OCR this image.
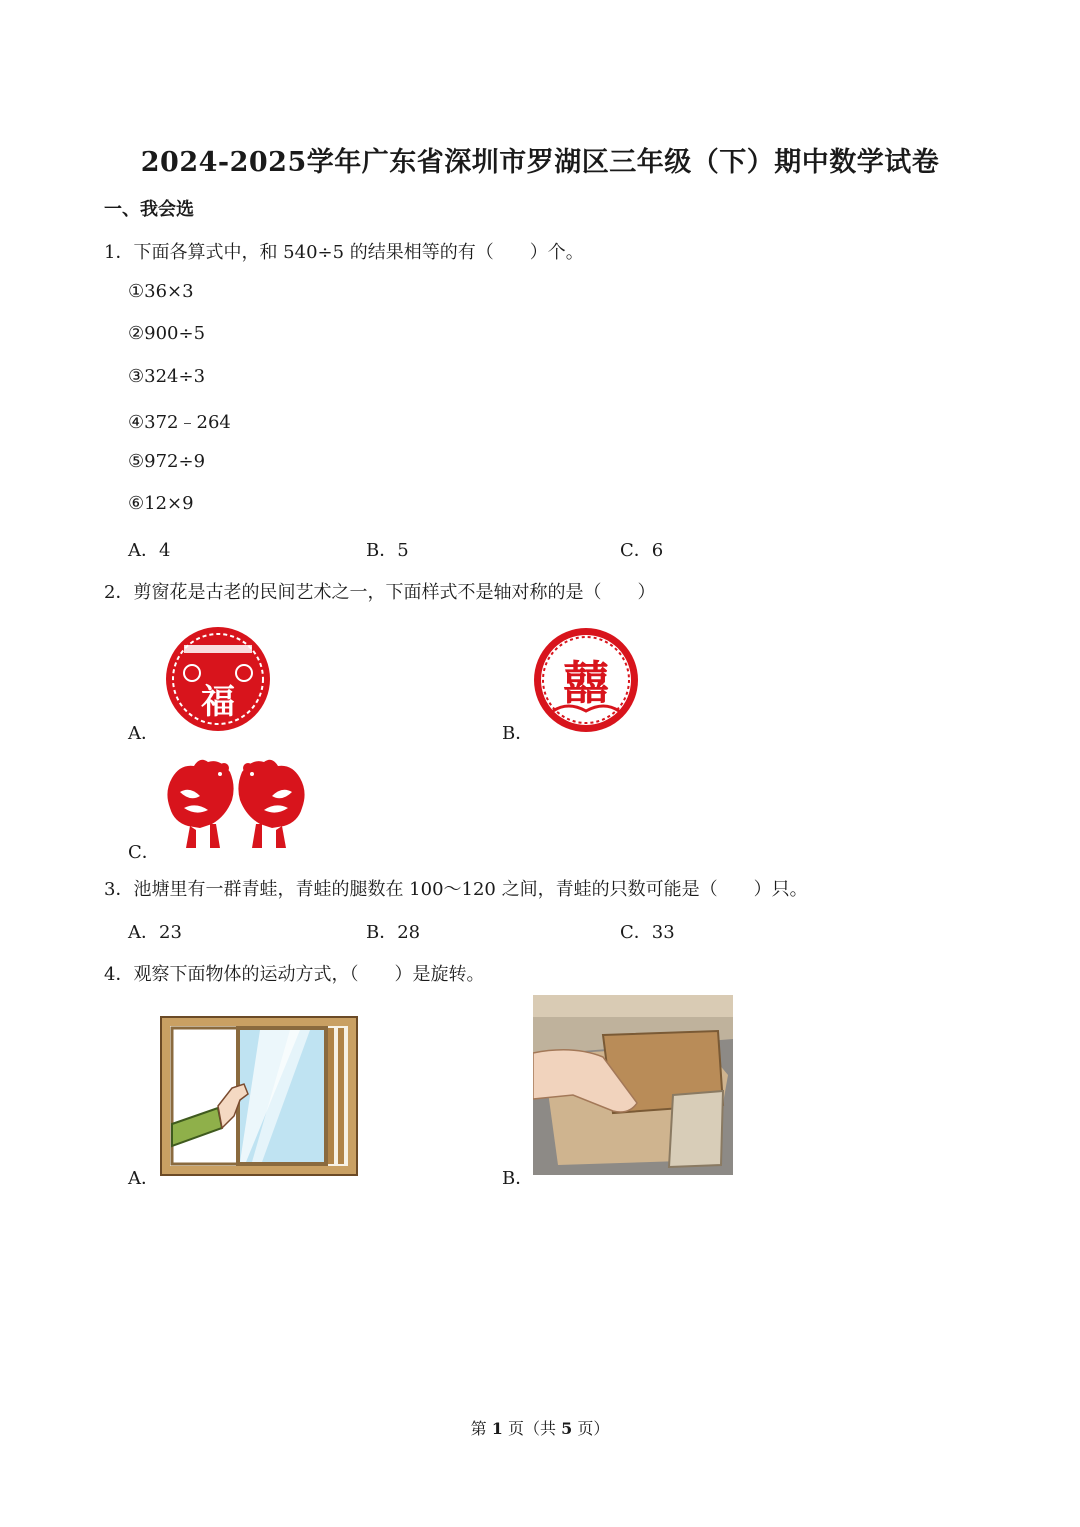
2024-2025学年广东省深圳市罗湖区三年级（下）期中数学试卷
一、我会选
1．下面各算式中，和 540÷5 的结果相等的有（　　）个。
①36×3
②900÷5
③324÷3
④372﹣264
⑤972÷9
⑥12×9
A．4	B．5	C．6
2．剪窗花是古老的民间艺术之一，下面样式不是轴对称的是（　　）
福
A．
囍
B．
C．
3．池塘里有一群青蛙，青蛙的腿数在 100～120 之间，青蛙的只数可能是（　　）只。
A．23	B．28	C．33
4．观察下面物体的运动方式，（　　）是旋转。
A．	B．
第 1 页（共 5 页）
